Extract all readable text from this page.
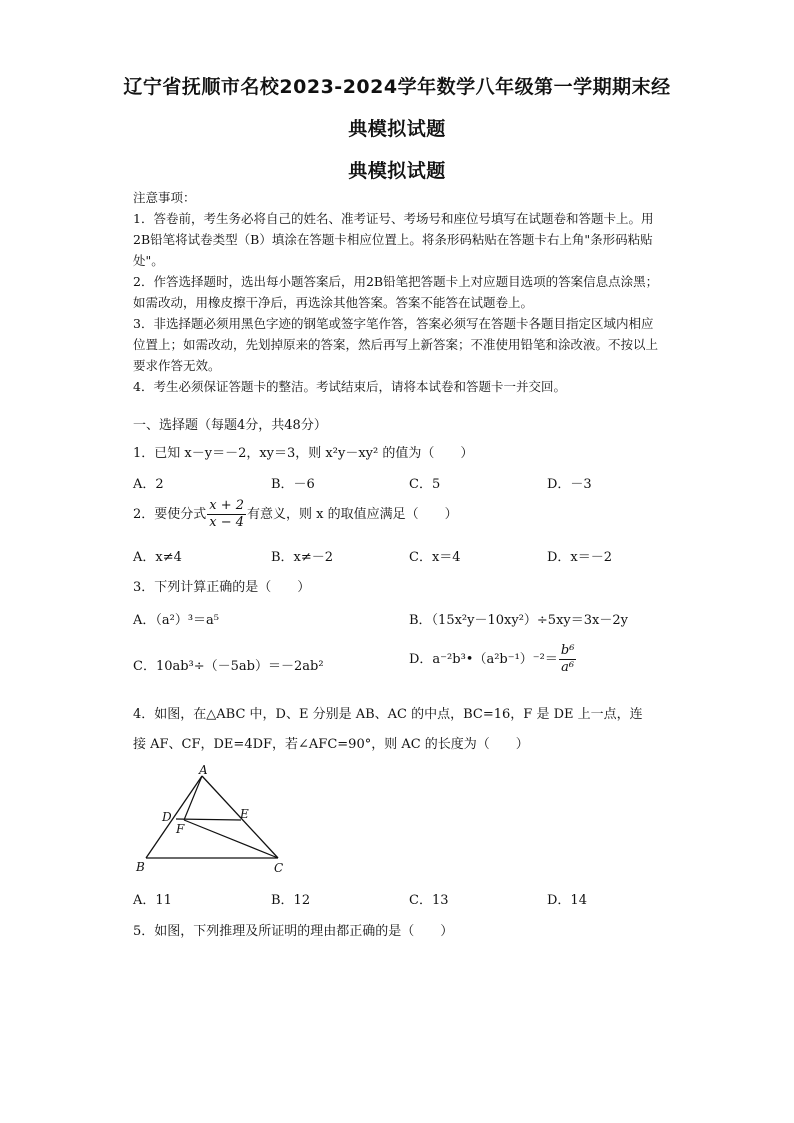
辽宁省抚顺市名校2023-2024学年数学八年级第一学期期末经
典模拟试题
典模拟试题

注意事项：

1．答卷前，考生务必将自己的姓名、准考证号、考场号和座位号填写在试题卷和答题卡上。用2B铅笔将试卷类型（B）填涂在答题卡相应位置上。将条形码粘贴在答题卡右上角"条形码粘贴处"。

2．作答选择题时，选出每小题答案后，用2B铅笔把答题卡上对应题目选项的答案信息点涂黑；如需改动，用橡皮擦干净后，再选涂其他答案。答案不能答在试题卷上。

3．非选择题必须用黑色字迹的钢笔或签字笔作答，答案必须写在答题卡各题目指定区域内相应位置上；如需改动，先划掉原来的答案，然后再写上新答案；不准使用铅笔和涂改液。不按以上要求作答无效。

4．考生必须保证答题卡的整洁。考试结束后，请将本试卷和答题卡一并交回。

一、选择题（每题4分，共48分）
1．已知 x－y＝－2，xy＝3，则 x²y－xy² 的值为（　　）
A．2	B．－6	C．5	D．－3
2．要使分式 $\frac{x + 2}{x - 4}$ 有意义，则 x 的取值应满足（　　）
A．x≠4	B．x≠－2	C．x＝4	D．x＝－2
3．下列计算正确的是（　　）
A．（a²）³＝a⁵	B．（15x²y－10xy²）÷5xy＝3x－2y
C．10ab³÷（－5ab）＝－2ab²	D．a⁻²b³•（a²b⁻¹）⁻²＝ $\frac{\text{b⁶}}{\text{a⁶}}$
4．如图，在△ABC 中，D、E 分别是 AB、AC 的中点，BC=16，F 是 DE 上一点，连
接 AF、CF，DE=4DF，若∠AFC=90°，则 AC 的长度为（　　）
A
B	C
D	E
F
A．11	B．12	C．13	D．14
5．如图，下列推理及所证明的理由都正确的是（　　）
